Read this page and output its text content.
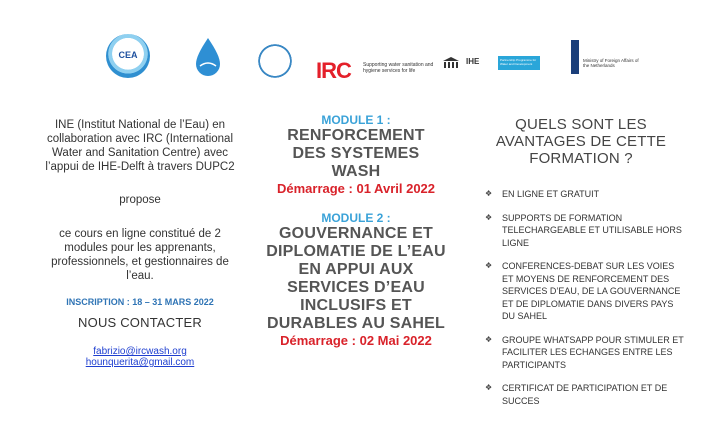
CEA
IRC Supporting water sanitation and hygiene services for life
IHE	Partnership Programme for Water and Development
Ministry of Foreign Affairs of the Netherlands

INE (Institut National de l’Eau) en collaboration avec IRC (International Water and Sanitation Centre) avec l’appui de IHE-Delft à travers DUPC2

propose
ce cours en ligne constitué de 2 modules pour les apprenants, professionnels, et gestionnaires de l’eau.
INSCRIPTION : 18 – 31 MARS 2022
NOUS CONTACTER
fabrizio@ircwash.org
hounquerita@gmail.com
MODULE 1 :
RENFORCEMENT DES SYSTEMES WASH
Démarrage : 01 Avril 2022
MODULE 2 :
GOUVERNANCE ET DIPLOMATIE DE L’EAU EN APPUI AUX SERVICES D’EAU INCLUSIFS ET DURABLES AU SAHEL
Démarrage : 02 Mai 2022
QUELS SONT LES AVANTAGES DE CETTE FORMATION ?
❖ EN LIGNE ET GRATUIT
❖ SUPPORTS DE FORMATION TELECHARGEABLE ET UTILISABLE HORS LIGNE
❖ CONFERENCES-DEBAT SUR LES VOIES ET MOYENS DE RENFORCEMENT DES SERVICES D’EAU, DE LA GOUVERNANCE ET DE DIPLOMATIE DANS DIVERS PAYS DU SAHEL
❖ GROUPE WHATSAPP POUR STIMULER ET FACILITER LES ECHANGES ENTRE LES PARTICIPANTS
❖ CERTIFICAT DE PARTICIPATION ET DE SUCCES
